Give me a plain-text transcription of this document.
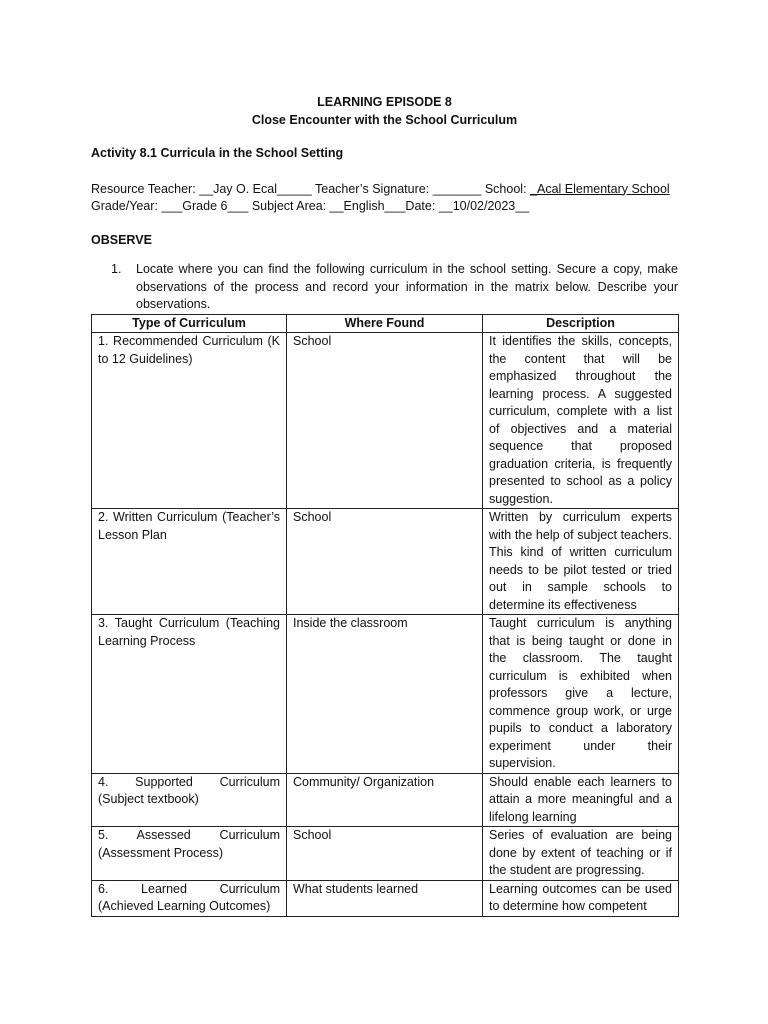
LEARNING EPISODE 8
Close Encounter with the School Curriculum
Activity 8.1 Curricula in the School Setting
Resource Teacher: __Jay O. Ecal_____ Teacher’s Signature: _______ School: _Acal Elementary School
Grade/Year: ___Grade 6___ Subject Area: __English___Date: __10/02/2023__
OBSERVE
1.	Locate where you can find the following curriculum in the school setting. Secure a copy, make observations of the process and record your information in the matrix below. Describe your observations.
Type of Curriculum	Where Found	Description
1. Recommended Curriculum (K to 12 Guidelines)	School	It identifies the skills, concepts, the content that will be emphasized throughout the learning process. A suggested curriculum, complete with a list of objectives and a material sequence that proposed graduation criteria, is frequently presented to school as a policy suggestion.
2. Written Curriculum (Teacher’s Lesson Plan	School	Written by curriculum experts with the help of subject teachers. This kind of written curriculum needs to be pilot tested or tried out in sample schools to determine its effectiveness
3. Taught Curriculum (Teaching Learning Process	Inside the classroom	Taught curriculum is anything that is being taught or done in the classroom. The taught curriculum is exhibited when professors give a lecture, commence group work, or urge pupils to conduct a laboratory experiment under their supervision.
4. Supported Curriculum (Subject textbook)	Community/ Organization	Should enable each learners to attain a more meaningful and a lifelong learning
5. Assessed Curriculum (Assessment Process)	School	Series of evaluation are being done by extent of teaching or if the student are progressing.
6. Learned Curriculum (Achieved Learning Outcomes)	What students learned	Learning outcomes can be used to determine how competent
